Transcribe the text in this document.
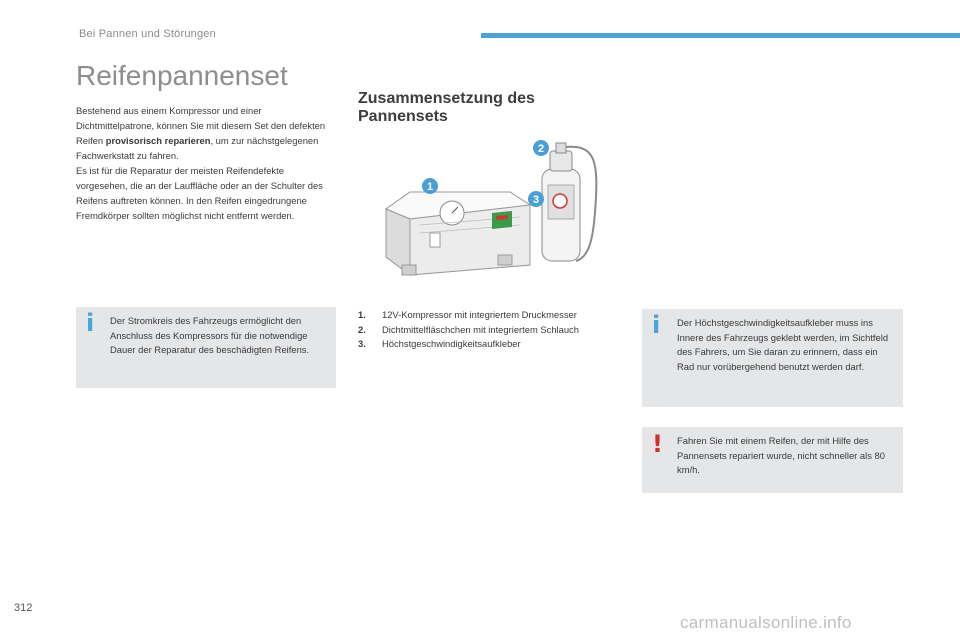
Bei Pannen und Störungen
Reifenpannenset

Bestehend aus einem Kompressor und einer Dichtmittelpatrone, können Sie mit diesem Set den defekten Reifen provisorisch reparieren, um zur nächstgelegenen Fachwerkstatt zu fahren.

Es ist für die Reparatur der meisten Reifendefekte vorgesehen, die an der Lauffläche oder an der Schulter des Reifens auftreten können. In den Reifen eingedrungene Fremdkörper sollten möglichst nicht entfernt werden.

i Der Stromkreis des Fahrzeugs ermöglicht den Anschluss des Kompressors für die notwendige Dauer der Reparatur des beschädigten Reifens.
Zusammensetzung des
Pannensets
1
2
3
1.	12V-Kompressor mit integriertem Druckmesser
2.	Dichtmittelfläschchen mit integriertem Schlauch
3.	Höchstgeschwindigkeitsaufkleber
i Der Höchstgeschwindigkeitsaufkleber muss ins Innere des Fahrzeugs geklebt werden, im Sichtfeld des Fahrers, um Sie daran zu erinnern, dass ein Rad nur vorübergehend benutzt werden darf.
! Fahren Sie mit einem Reifen, der mit Hilfe des Pannensets repariert wurde, nicht schneller als 80 km/h.
312
carmanualsonline.info
